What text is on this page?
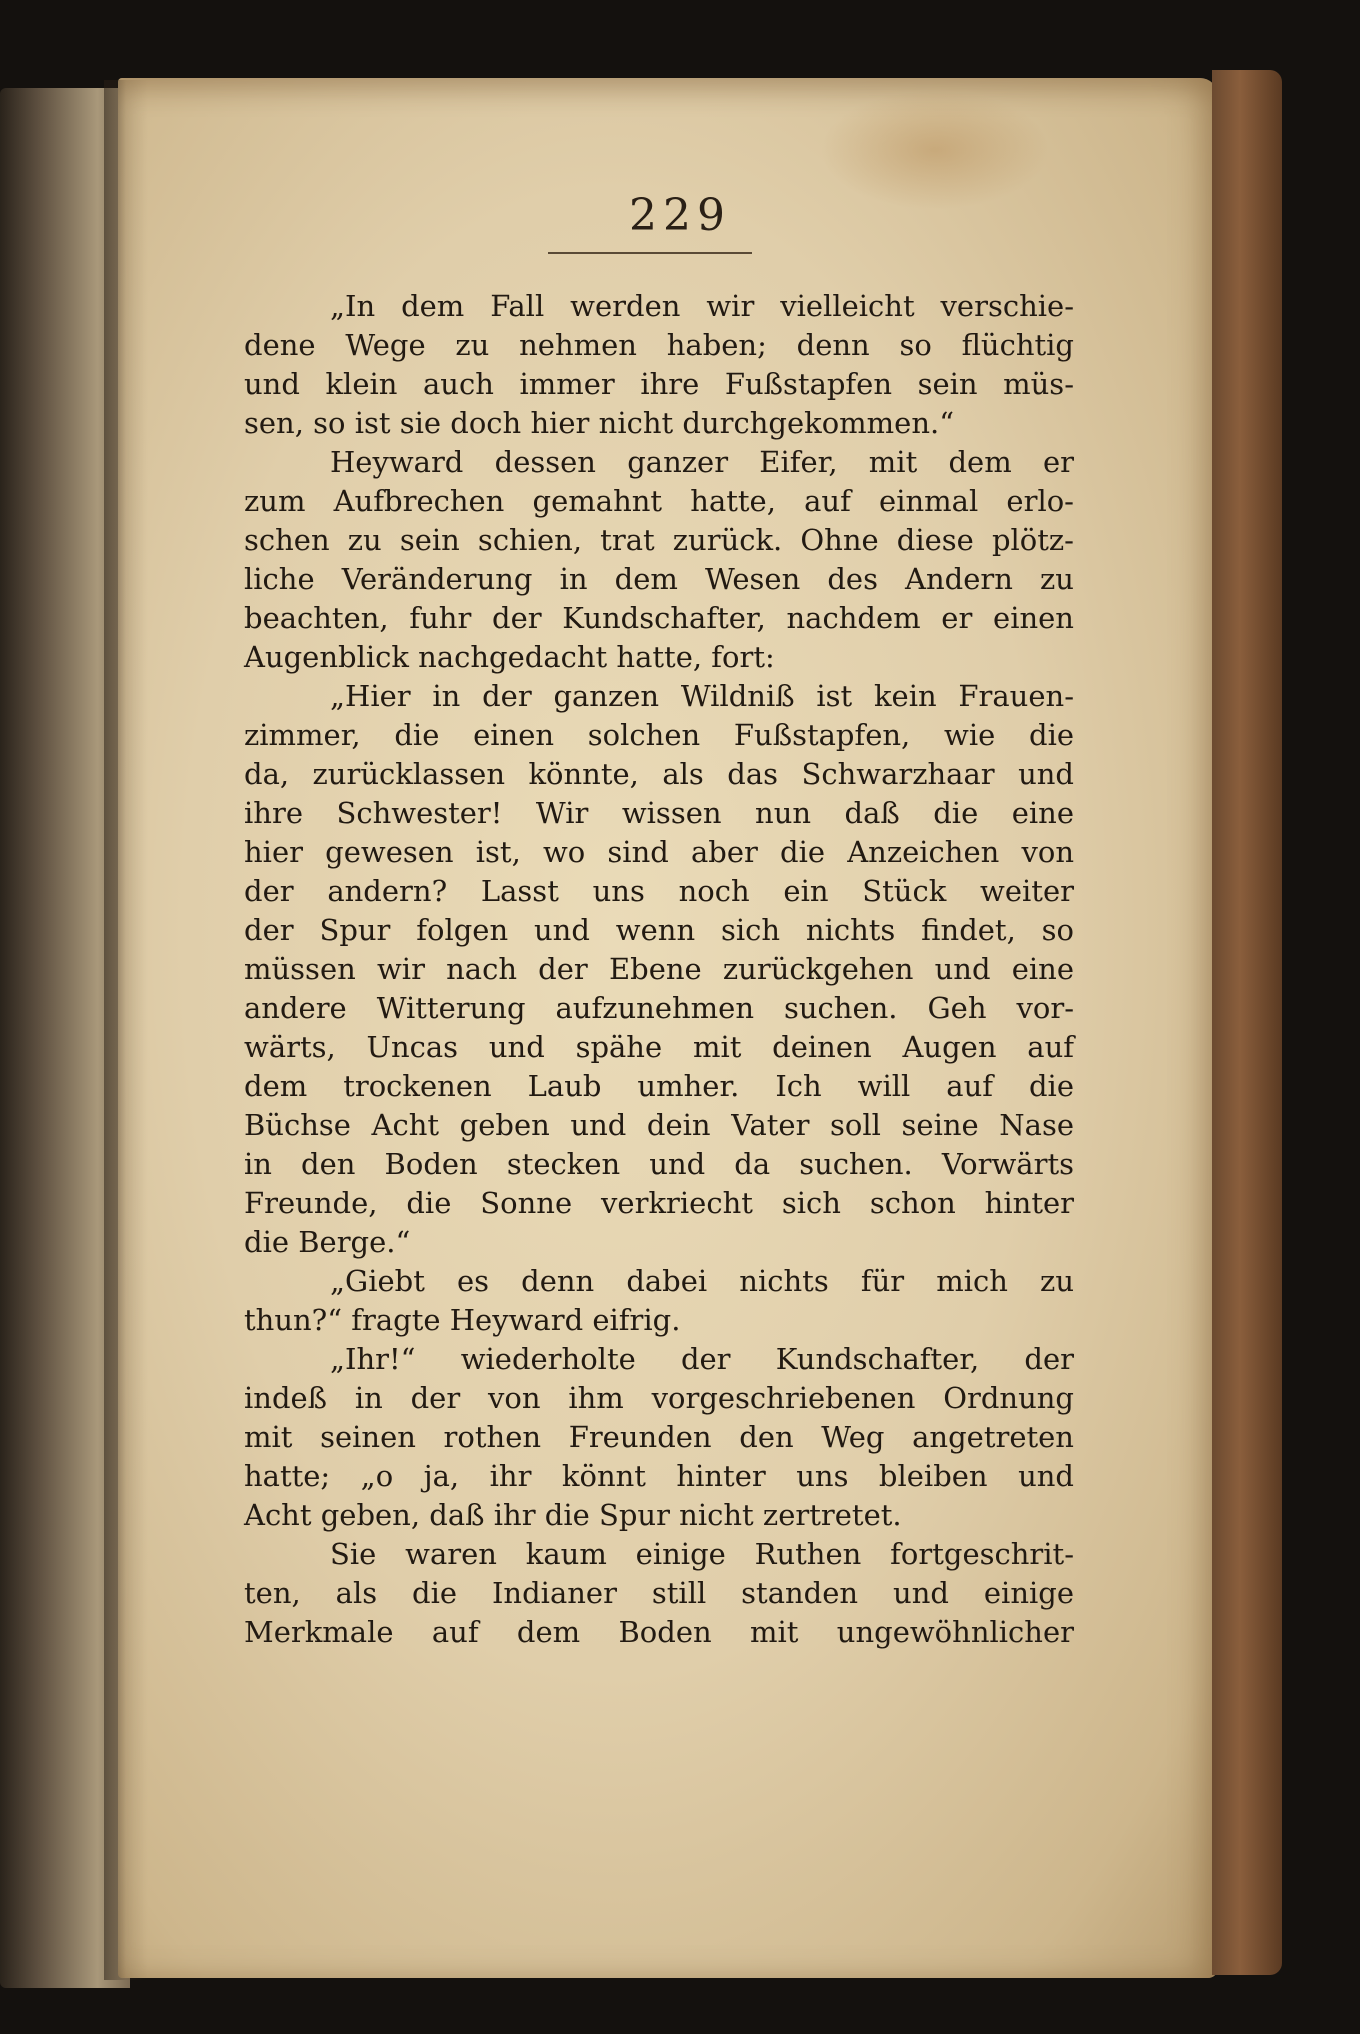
229
„In dem Fall werden wir vielleicht verschie-
dene Wege zu nehmen haben; denn so flüchtig
und klein auch immer ihre Fußstapfen sein müs-
sen, so ist sie doch hier nicht durchgekommen.“
Heyward dessen ganzer Eifer, mit dem er
zum Aufbrechen gemahnt hatte, auf einmal erlo-
schen zu sein schien, trat zurück. Ohne diese plötz-
liche Veränderung in dem Wesen des Andern zu
beachten, fuhr der Kundschafter, nachdem er einen
Augenblick nachgedacht hatte, fort:
„Hier in der ganzen Wildniß ist kein Frauen-
zimmer, die einen solchen Fußstapfen, wie die
da, zurücklassen könnte, als das Schwarzhaar und
ihre Schwester! Wir wissen nun daß die eine
hier gewesen ist, wo sind aber die Anzeichen von
der andern? Lasst uns noch ein Stück weiter
der Spur folgen und wenn sich nichts findet, so
müssen wir nach der Ebene zurückgehen und eine
andere Witterung aufzunehmen suchen. Geh vor-
wärts, Uncas und spähe mit deinen Augen auf
dem trockenen Laub umher. Ich will auf die
Büchse Acht geben und dein Vater soll seine Nase
in den Boden stecken und da suchen. Vorwärts
Freunde, die Sonne verkriecht sich schon hinter
die Berge.“
„Giebt es denn dabei nichts für mich zu
thun?“ fragte Heyward eifrig.
„Ihr!“ wiederholte der Kundschafter, der
indeß in der von ihm vorgeschriebenen Ordnung
mit seinen rothen Freunden den Weg angetreten
hatte; „o ja, ihr könnt hinter uns bleiben und
Acht geben, daß ihr die Spur nicht zertretet.
Sie waren kaum einige Ruthen fortgeschrit-
ten, als die Indianer still standen und einige
Merkmale auf dem Boden mit ungewöhnlicher
